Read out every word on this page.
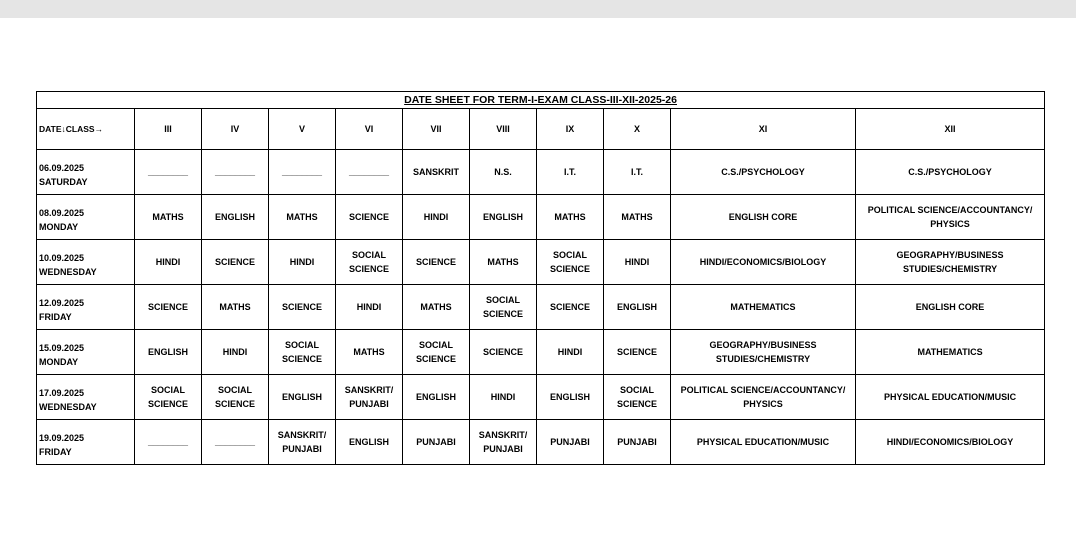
DATE SHEET FOR TERM-I-EXAM CLASS-III-XII-2025-26										
DATE↓CLASS→	III	IV	V	VI	VII	VIII	IX	X	XI	XII

06.09.2025
SATURDAY	________	________	________	________	SANSKRIT	N.S.	I.T.	I.T.	C.S./PSYCHOLOGY	C.S./PSYCHOLOGY

08.09.2025
MONDAY	MATHS	ENGLISH	MATHS	SCIENCE	HINDI	ENGLISH	MATHS	MATHS	ENGLISH CORE	POLITICAL SCIENCE/ACCOUNTANCY/
PHYSICS

10.09.2025
WEDNESDAY	HINDI	SCIENCE	HINDI	SOCIAL
SCIENCE	SCIENCE	MATHS	SOCIAL
SCIENCE	HINDI	HINDI/ECONOMICS/BIOLOGY	GEOGRAPHY/BUSINESS
STUDIES/CHEMISTRY

12.09.2025
FRIDAY	SCIENCE	MATHS	SCIENCE	HINDI	MATHS	SOCIAL
SCIENCE	SCIENCE	ENGLISH	MATHEMATICS	ENGLISH CORE

15.09.2025
MONDAY	ENGLISH	HINDI	SOCIAL
SCIENCE	MATHS	SOCIAL
SCIENCE	SCIENCE	HINDI	SCIENCE	GEOGRAPHY/BUSINESS
STUDIES/CHEMISTRY	MATHEMATICS

17.09.2025
WEDNESDAY	SOCIAL
SCIENCE	SOCIAL
SCIENCE	ENGLISH	SANSKRIT/
PUNJABI	ENGLISH	HINDI	ENGLISH	SOCIAL
SCIENCE	POLITICAL SCIENCE/ACCOUNTANCY/
PHYSICS	PHYSICAL EDUCATION/MUSIC

19.09.2025
FRIDAY	________	________	SANSKRIT/
PUNJABI	ENGLISH	PUNJABI	SANSKRIT/
PUNJABI	PUNJABI	PUNJABI	PHYSICAL EDUCATION/MUSIC	HINDI/ECONOMICS/BIOLOGY
